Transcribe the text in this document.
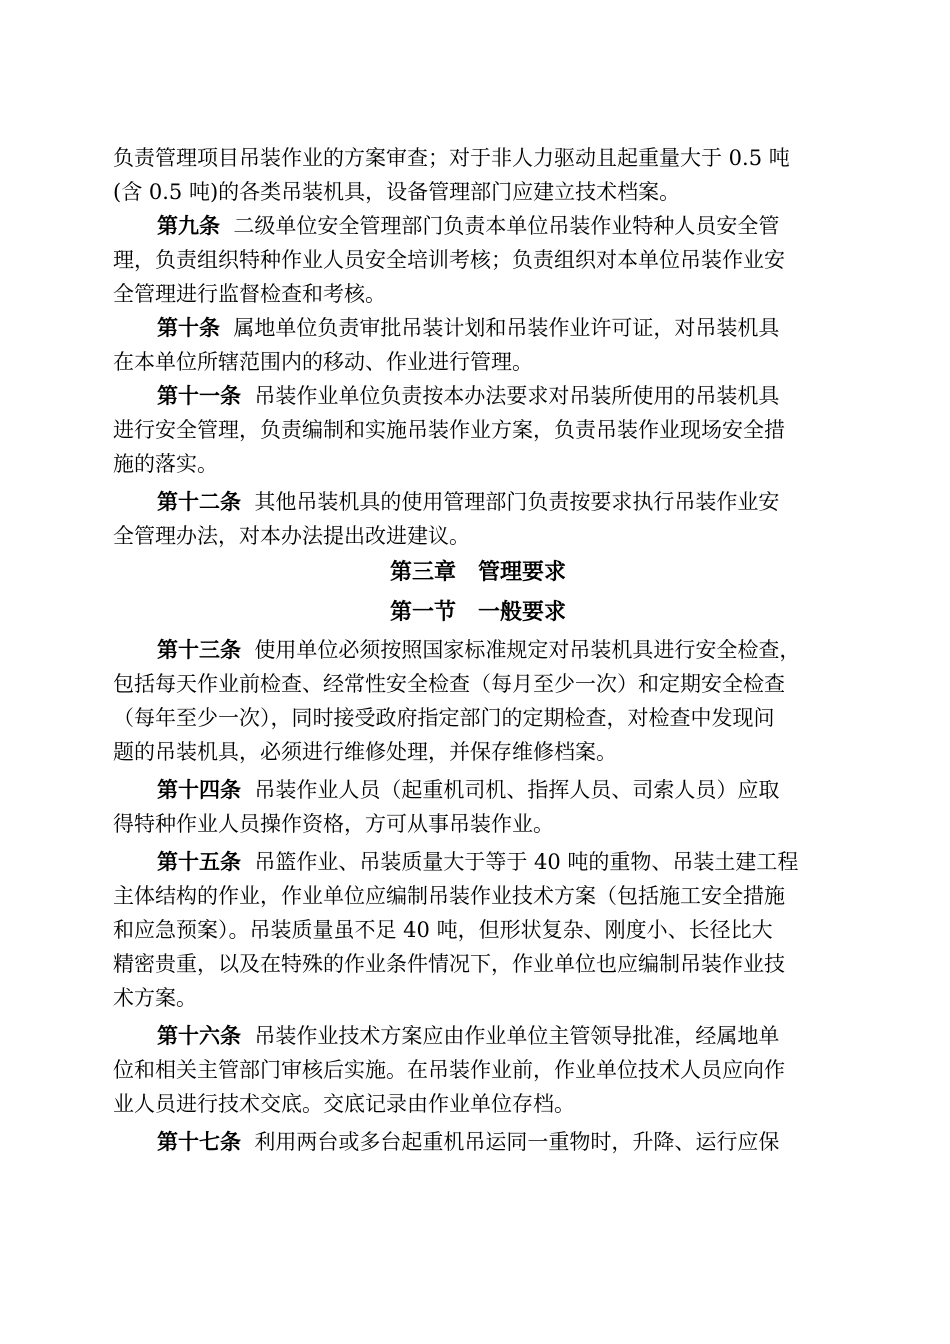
负责管理项目吊装作业的方案审查；对于非人力驱动且起重量大于 0.5 吨
(含 0.5 吨)的各类吊装机具，设备管理部门应建立技术档案。
第九条 二级单位安全管理部门负责本单位吊装作业特种人员安全管
理，负责组织特种作业人员安全培训考核；负责组织对本单位吊装作业安
全管理进行监督检查和考核。
第十条 属地单位负责审批吊装计划和吊装作业许可证，对吊装机具
在本单位所辖范围内的移动、作业进行管理。
第十一条 吊装作业单位负责按本办法要求对吊装所使用的吊装机具
进行安全管理，负责编制和实施吊装作业方案，负责吊装作业现场安全措
施的落实。
第十二条 其他吊装机具的使用管理部门负责按要求执行吊装作业安
全管理办法，对本办法提出改进建议。
第三章　管理要求
第一节　一般要求
第十三条 使用单位必须按照国家标准规定对吊装机具进行安全检查，
包括每天作业前检查、经常性安全检查（每月至少一次）和定期安全检查
（每年至少一次），同时接受政府指定部门的定期检查，对检查中发现问
题的吊装机具，必须进行维修处理，并保存维修档案。
第十四条 吊装作业人员（起重机司机、指挥人员、司索人员）应取
得特种作业人员操作资格，方可从事吊装作业。
第十五条 吊篮作业、吊装质量大于等于 40 吨的重物、吊装土建工程
主体结构的作业，作业单位应编制吊装作业技术方案（包括施工安全措施
和应急预案）。吊装质量虽不足 40 吨，但形状复杂、刚度小、长径比大
精密贵重，以及在特殊的作业条件情况下，作业单位也应编制吊装作业技
术方案。
第十六条 吊装作业技术方案应由作业单位主管领导批准，经属地单
位和相关主管部门审核后实施。在吊装作业前，作业单位技术人员应向作
业人员进行技术交底。交底记录由作业单位存档。
第十七条 利用两台或多台起重机吊运同一重物时，升降、运行应保
